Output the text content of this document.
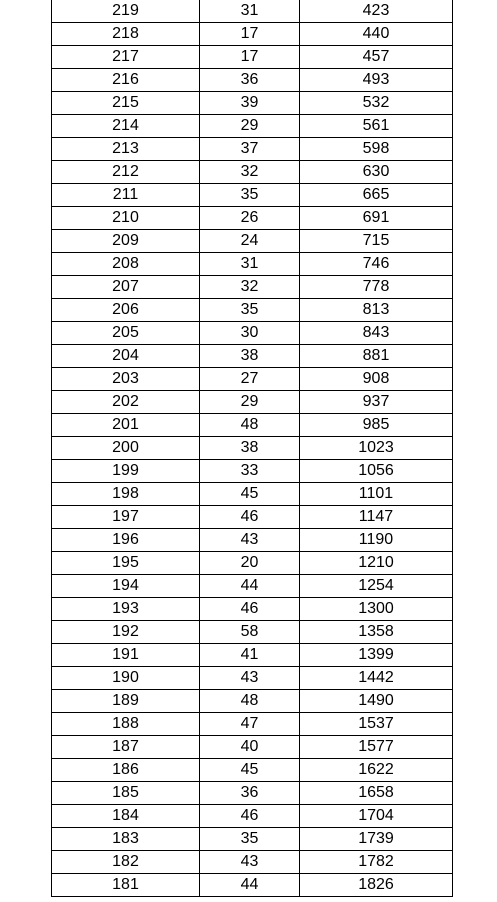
219	31	423
218	17	440
217	17	457
216	36	493
215	39	532
214	29	561
213	37	598
212	32	630
211	35	665
210	26	691
209	24	715
208	31	746
207	32	778
206	35	813
205	30	843
204	38	881
203	27	908
202	29	937
201	48	985
200	38	1023
199	33	1056
198	45	1101
197	46	1147
196	43	1190
195	20	1210
194	44	1254
193	46	1300
192	58	1358
191	41	1399
190	43	1442
189	48	1490
188	47	1537
187	40	1577
186	45	1622
185	36	1658
184	46	1704
183	35	1739
182	43	1782
181	44	1826
